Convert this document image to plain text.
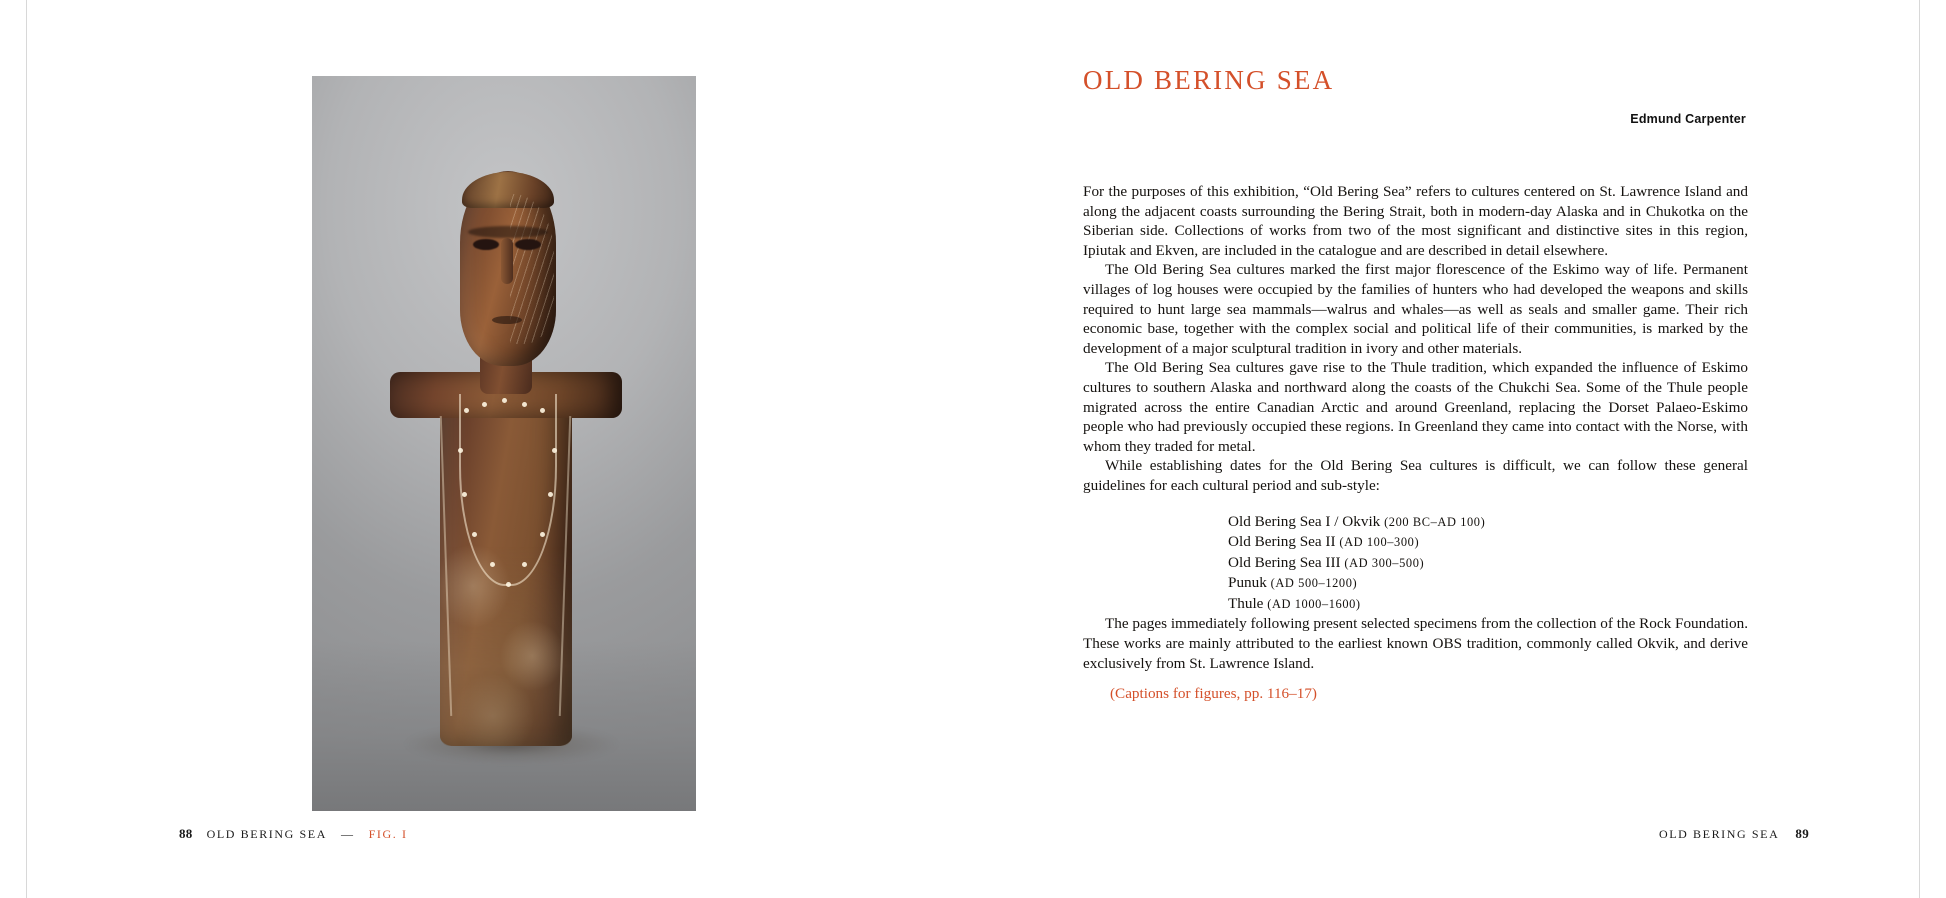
88 OLD BERING SEA — FIG. I
OLD BERING SEA
Edmund Carpenter

For the purposes of this exhibition, “Old Bering Sea” refers to cultures centered on St. Lawrence Island and along the adjacent coasts surrounding the Bering Strait, both in modern-day Alaska and in Chukotka on the Siberian side. Collections of works from two of the most significant and distinctive sites in this region, Ipiutak and Ekven, are included in the catalogue and are described in detail elsewhere.

The Old Bering Sea cultures marked the first major florescence of the Eskimo way of life. Permanent villages of log houses were occupied by the families of hunters who had developed the weapons and skills required to hunt large sea mammals—walrus and whales—as well as seals and smaller game. Their rich economic base, together with the complex social and political life of their communities, is marked by the development of a major sculptural tradition in ivory and other materials.

The Old Bering Sea cultures gave rise to the Thule tradition, which expanded the influence of Eskimo cultures to southern Alaska and northward along the coasts of the Chukchi Sea. Some of the Thule people migrated across the entire Canadian Arctic and around Greenland, replacing the Dorset Palaeo-Eskimo people who had previously occupied these regions. In Greenland they came into contact with the Norse, with whom they traded for metal.

While establishing dates for the Old Bering Sea cultures is difficult, we can follow these general guidelines for each cultural period and sub-style:

Old Bering Sea I / Okvik (200 BC–AD 100)
Old Bering Sea II (AD 100–300)
Old Bering Sea III (AD 300–500)
Punuk (AD 500–1200)
Thule (AD 1000–1600)

The pages immediately following present selected specimens from the collection of the Rock Foundation. These works are mainly attributed to the earliest known OBS tradition, commonly called Okvik, and derive exclusively from St. Lawrence Island.

(Captions for figures, pp. 116–17)
OLD BERING SEA 89
